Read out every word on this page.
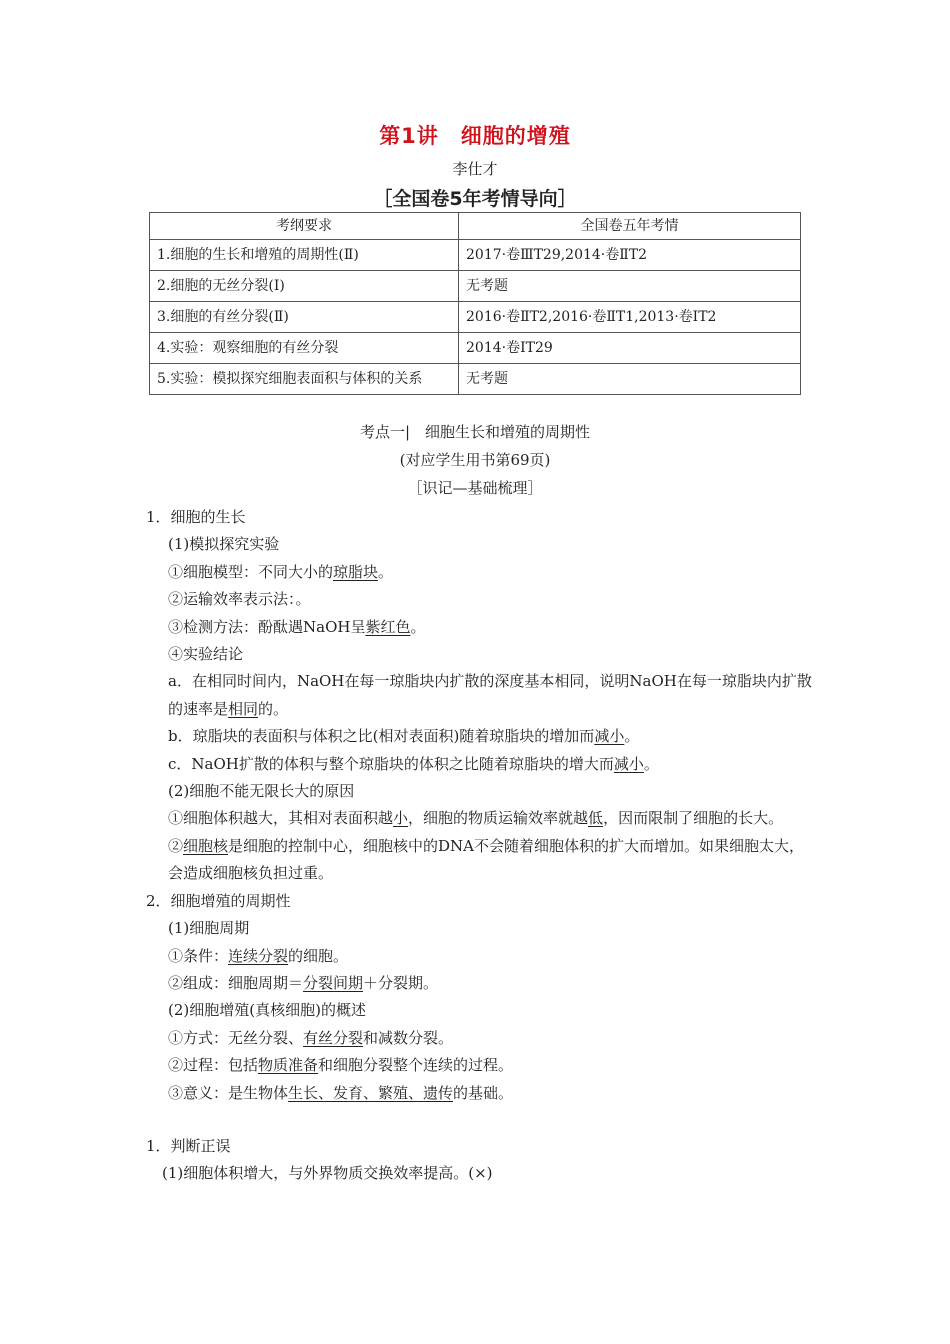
第1讲　细胞的增殖
李仕才
［全国卷5年考情导向］
考纲要求	全国卷五年考情
1.细胞的生长和增殖的周期性(Ⅱ)	2017·卷ⅢT29,2014·卷ⅡT2
2.细胞的无丝分裂(Ⅰ)	无考题
3.细胞的有丝分裂(Ⅱ)	2016·卷ⅡT2,2016·卷ⅡT1,2013·卷ⅠT2
4.实验：观察细胞的有丝分裂	2014·卷ⅠT29
5.实验：模拟探究细胞表面积与体积的关系	无考题
考点一|　细胞生长和增殖的周期性
(对应学生用书第69页)
［识记—基础梳理］
1．细胞的生长
(1)模拟探究实验
①细胞模型：不同大小的琼脂块。
②运输效率表示法：。
③检测方法：酚酞遇NaOH呈紫红色。
④实验结论
a．在相同时间内，NaOH在每一琼脂块内扩散的深度基本相同，说明NaOH在每一琼脂块内扩散的速率是相同的。
b．琼脂块的表面积与体积之比(相对表面积)随着琼脂块的增加而减小。
c．NaOH扩散的体积与整个琼脂块的体积之比随着琼脂块的增大而减小。
(2)细胞不能无限长大的原因
①细胞体积越大，其相对表面积越小，细胞的物质运输效率就越低，因而限制了细胞的长大。
②细胞核是细胞的控制中心，细胞核中的DNA不会随着细胞体积的扩大而增加。如果细胞太大，会造成细胞核负担过重。
2．细胞增殖的周期性
(1)细胞周期
①条件：连续分裂的细胞。
②组成：细胞周期＝分裂间期＋分裂期。
(2)细胞增殖(真核细胞)的概述
①方式：无丝分裂、有丝分裂和减数分裂。
②过程：包括物质准备和细胞分裂整个连续的过程。
③意义：是生物体生长、发育、繁殖、遗传的基础。
1．判断正误
(1)细胞体积增大，与外界物质交换效率提高。(×)
